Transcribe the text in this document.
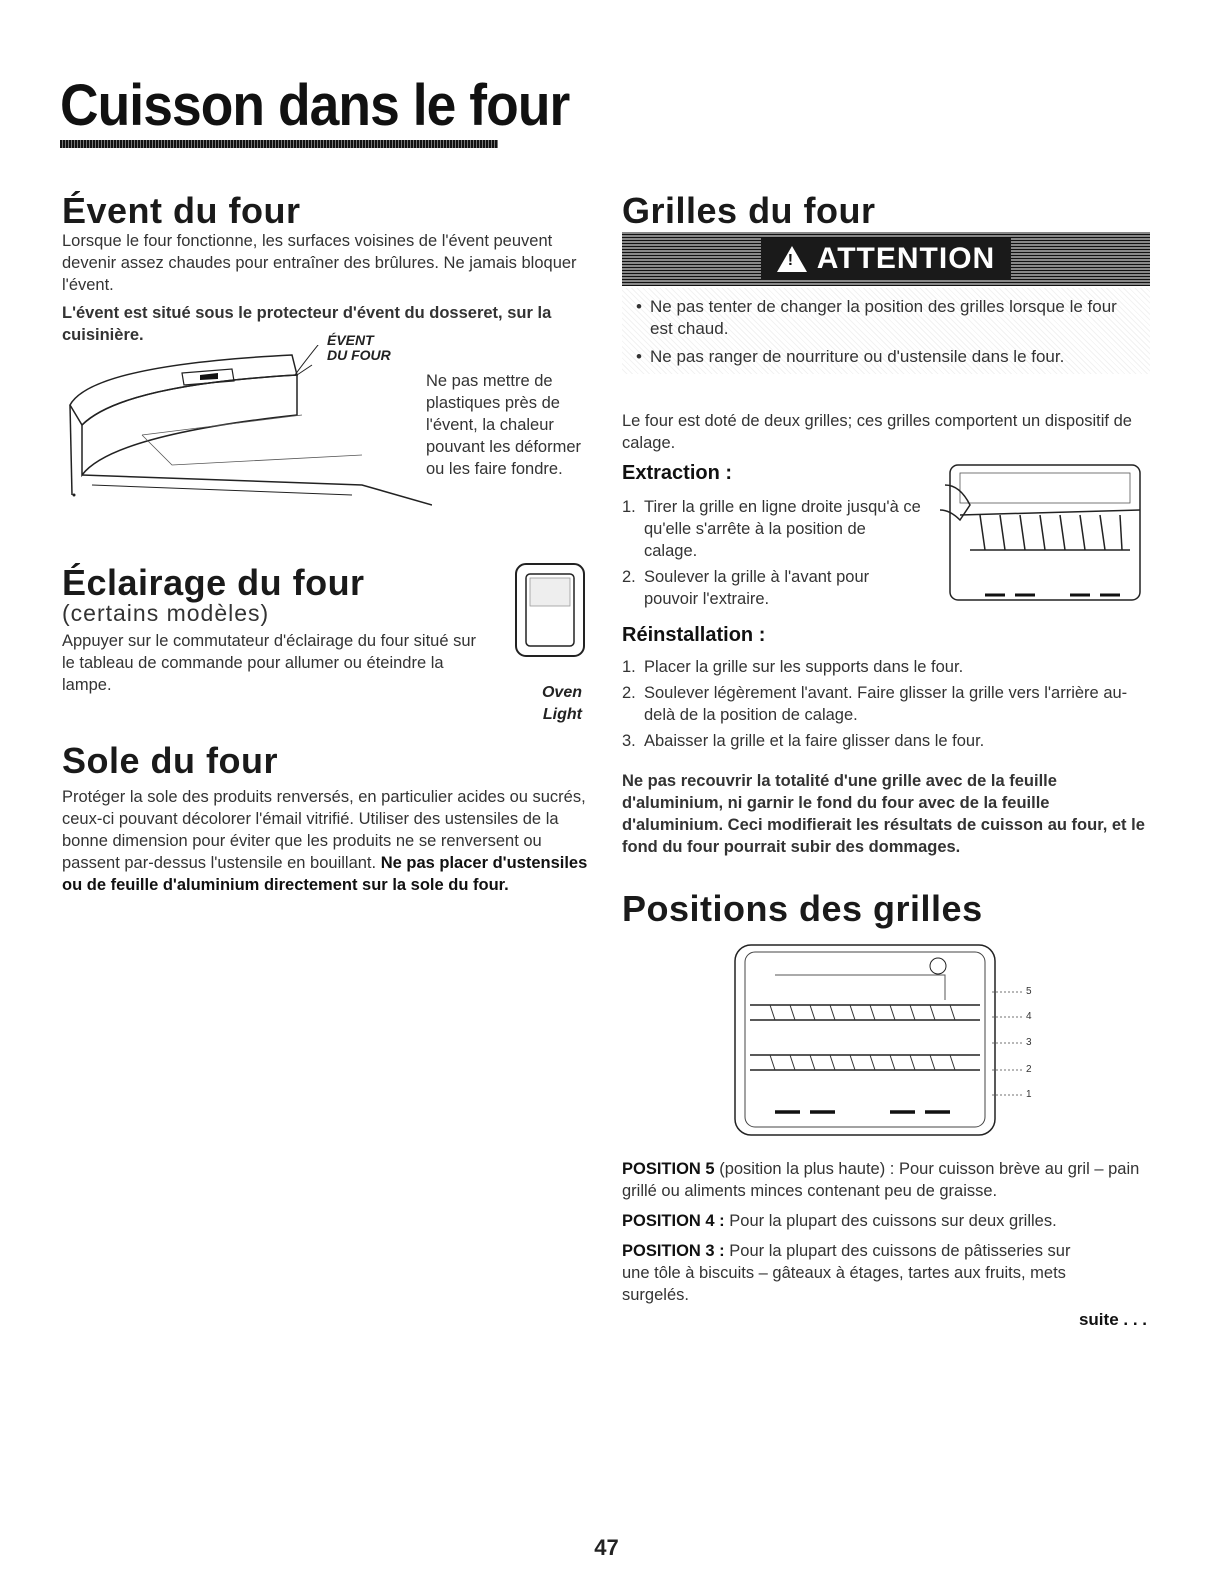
Cuisson dans le four
Évent du four

Lorsque le four fonctionne, les surfaces voisines de l'évent peuvent devenir assez chaudes pour entraîner des brûlures. Ne jamais bloquer l'évent.

L'évent est situé sous le protecteur d'évent du dosseret, sur la cuisinière.	ÉVENT
DU FOUR

Ne pas mettre de plastiques près de l'évent, la chaleur pouvant les déformer ou les faire fondre.

Éclairage du four
(certains modèles)

Appuyer sur le commutateur d'éclairage du four situé sur le tableau de commande pour allumer ou éteindre la lampe.	Oven
Light
Sole du four

Protéger la sole des produits renversés, en particulier acides ou sucrés, ceux-ci pouvant décolorer l'émail vitrifié. Utiliser des ustensiles de la bonne dimension pour éviter que les produits ne se renversent ou passent par-dessus l'ustensile en bouillant. Ne pas placer d'ustensiles ou de feuille d'aluminium directement sur la sole du four.

Grilles du four
!
ATTENTION
• Ne pas tenter de changer la position des grilles lorsque le four est chaud.
• Ne pas ranger de nourriture ou d'ustensile dans le four.

Le four est doté de deux grilles; ces grilles comportent un dispositif de calage.

Extraction :
1. Tirer la grille en ligne droite jusqu'à ce qu'elle s'arrête à la position de calage.
2. Soulever la grille à l'avant pour pouvoir l'extraire.
Réinstallation :
1. Placer la grille sur les supports dans le four.
2. Soulever légèrement l'avant. Faire glisser la grille vers l'arrière au-delà de la position de calage.
3. Abaisser la grille et la faire glisser dans le four.

Ne pas recouvrir la totalité d'une grille avec de la feuille d'aluminium, ni garnir le fond du four avec de la feuille d'aluminium. Ceci modifierait les résultats de cuisson au four, et le fond du four pourrait subir des dommages.

Positions des grilles
5
4
3
2
1

POSITION 5 (position la plus haute) : Pour cuisson brève au gril – pain grillé ou aliments minces contenant peu de graisse.

POSITION 4 : Pour la plupart des cuissons sur deux grilles.

POSITION 3 : Pour la plupart des cuissons de pâtisseries sur une tôle à biscuits – gâteaux à étages, tartes aux fruits, mets surgelés.

suite . . .
47
